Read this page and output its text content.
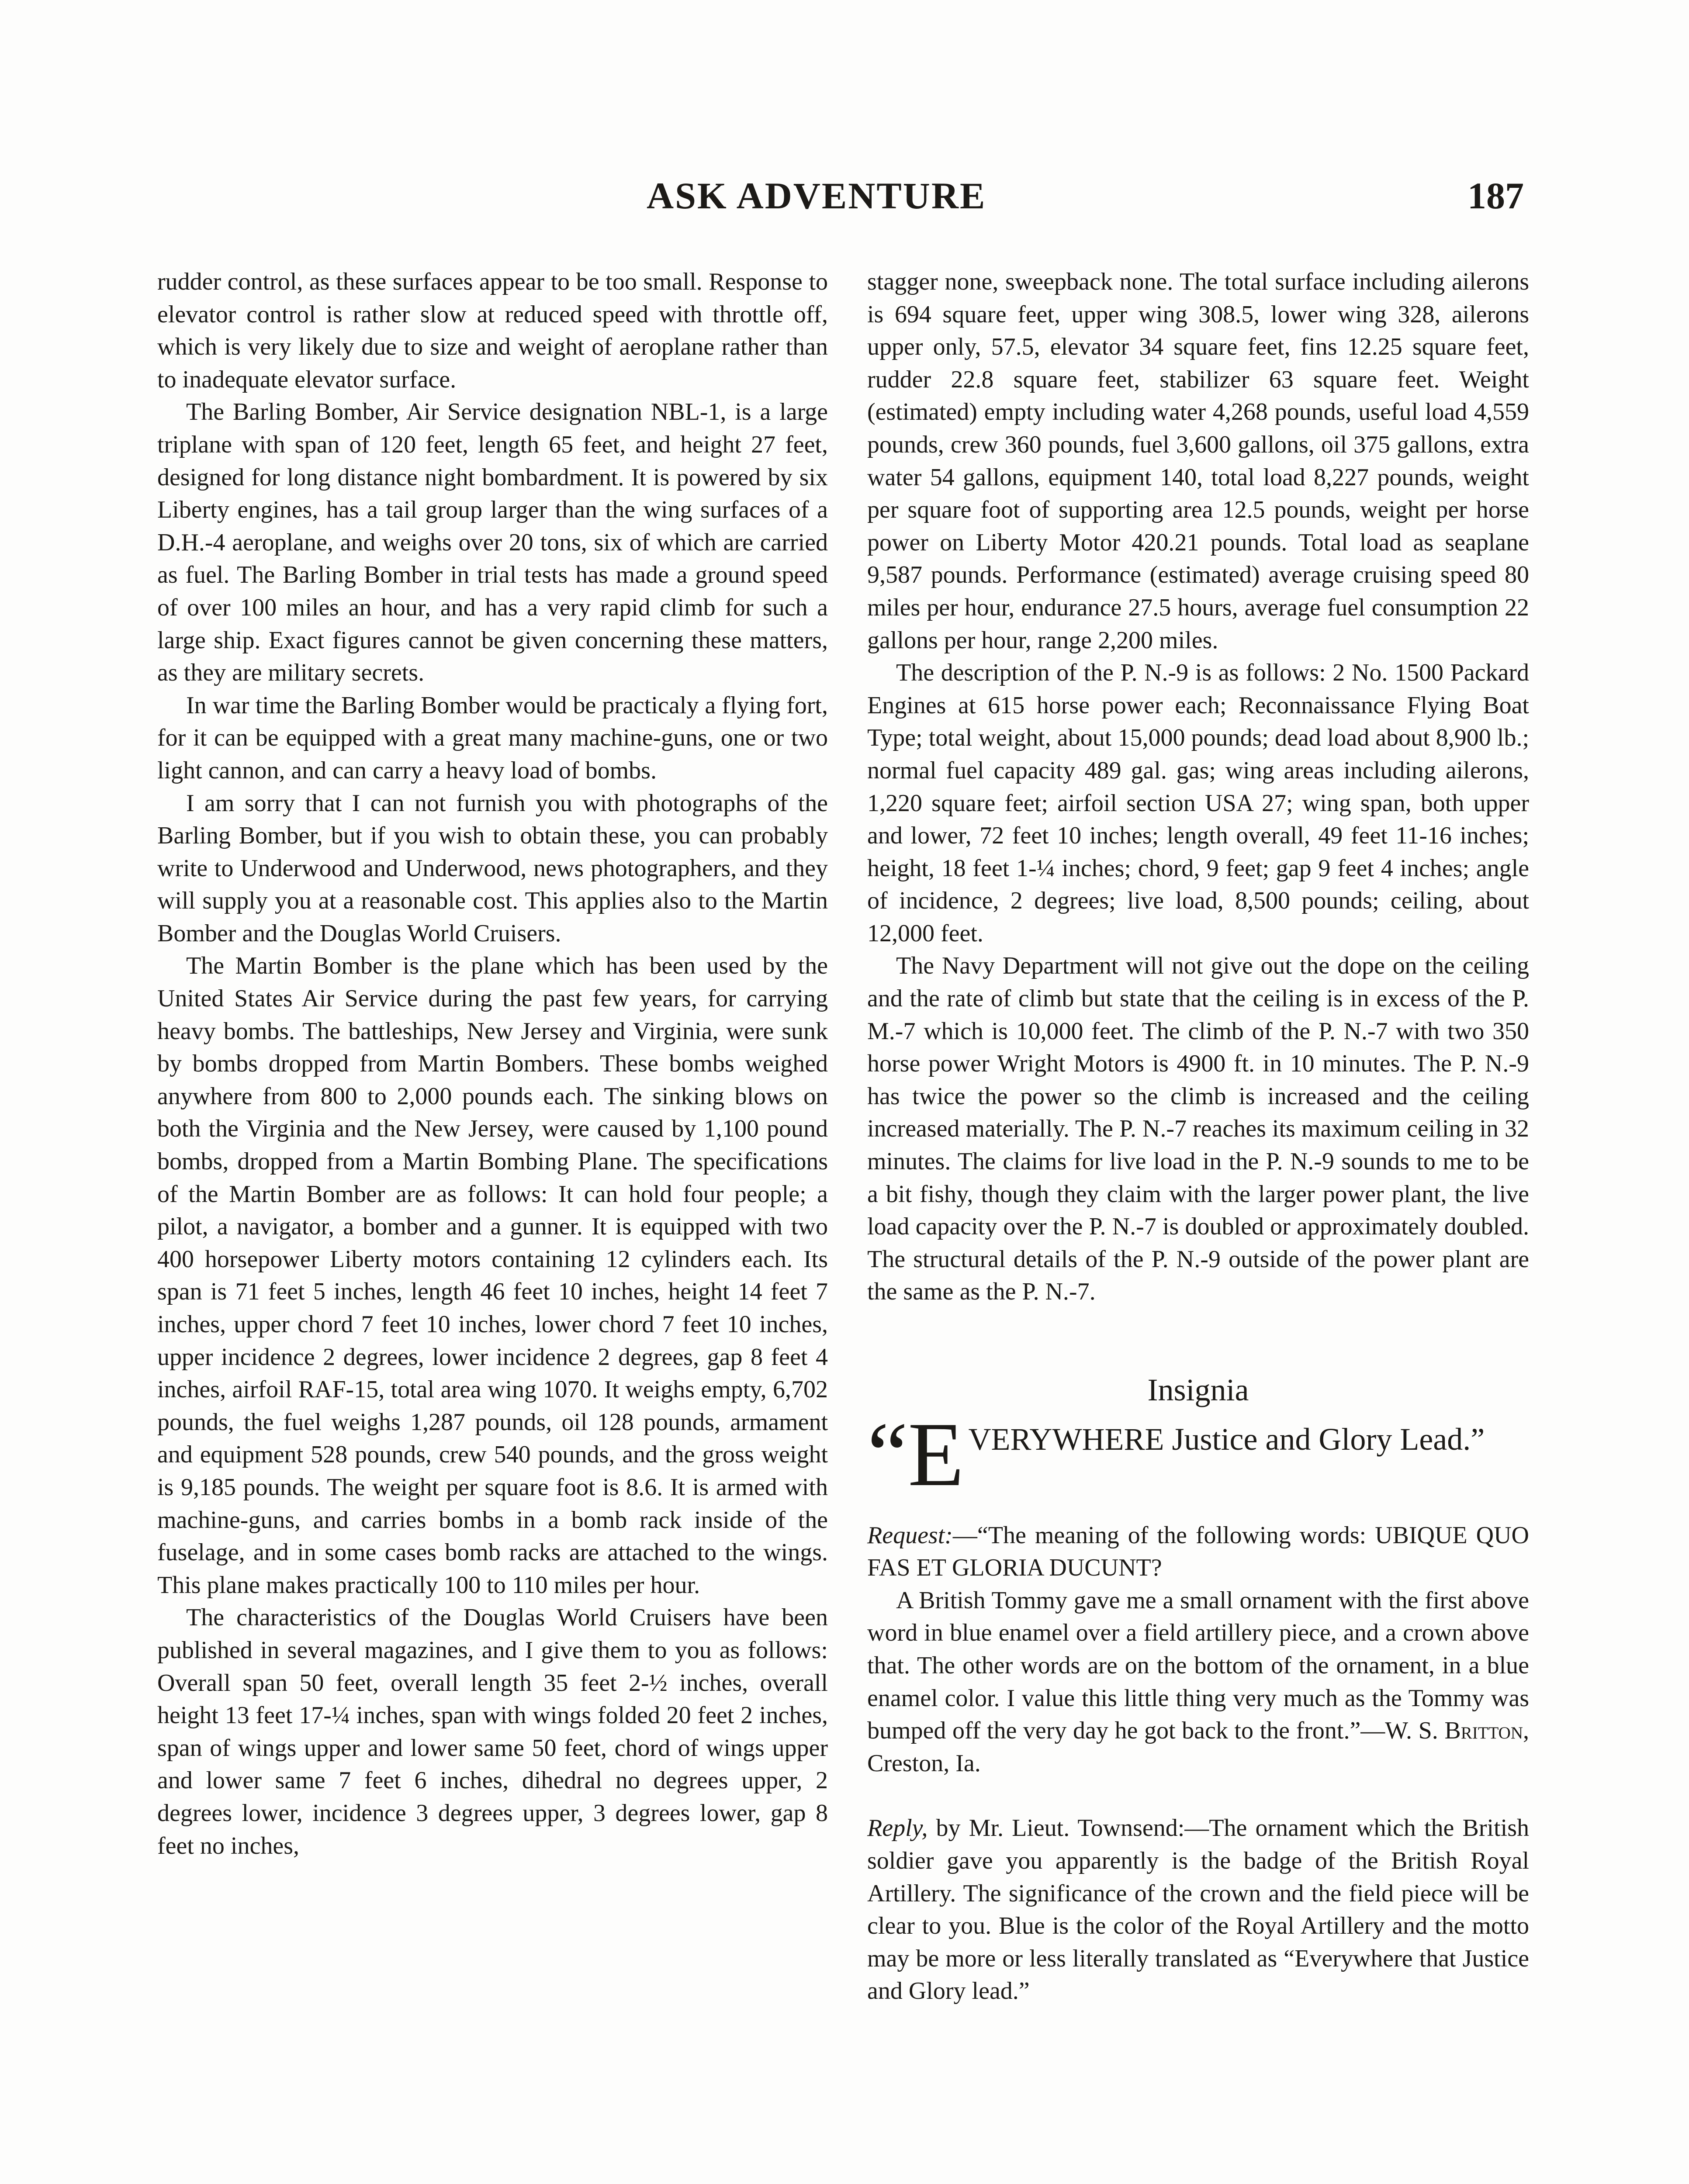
ASK ADVENTURE	187

rudder control, as these surfaces appear to be too small. Response to elevator control is rather slow at reduced speed with throttle off, which is very likely due to size and weight of aeroplane rather than to inadequate elevator surface.

The Barling Bomber, Air Service designation NBL-1, is a large triplane with span of 120 feet, length 65 feet, and height 27 feet, designed for long distance night bombardment. It is powered by six Liberty engines, has a tail group larger than the wing surfaces of a D.H.-4 aeroplane, and weighs over 20 tons, six of which are carried as fuel. The Barling Bomber in trial tests has made a ground speed of over 100 miles an hour, and has a very rapid climb for such a large ship. Exact figures cannot be given concerning these matters, as they are military secrets.

In war time the Barling Bomber would be practicaly a flying fort, for it can be equipped with a great many machine-guns, one or two light cannon, and can carry a heavy load of bombs.

I am sorry that I can not furnish you with photographs of the Barling Bomber, but if you wish to obtain these, you can probably write to Underwood and Underwood, news photographers, and they will supply you at a reasonable cost. This applies also to the Martin Bomber and the Douglas World Cruisers.

The Martin Bomber is the plane which has been used by the United States Air Service during the past few years, for carrying heavy bombs. The battleships, New Jersey and Virginia, were sunk by bombs dropped from Martin Bombers. These bombs weighed anywhere from 800 to 2,000 pounds each. The sinking blows on both the Virginia and the New Jersey, were caused by 1,100 pound bombs, dropped from a Martin Bombing Plane. The specifications of the Martin Bomber are as follows: It can hold four people; a pilot, a navigator, a bomber and a gunner. It is equipped with two 400 horsepower Liberty motors containing 12 cylinders each. Its span is 71 feet 5 inches, length 46 feet 10 inches, height 14 feet 7 inches, upper chord 7 feet 10 inches, lower chord 7 feet 10 inches, upper incidence 2 degrees, lower incidence 2 degrees, gap 8 feet 4 inches, airfoil RAF-15, total area wing 1070. It weighs empty, 6,702 pounds, the fuel weighs 1,287 pounds, oil 128 pounds, armament and equipment 528 pounds, crew 540 pounds, and the gross weight is 9,185 pounds. The weight per square foot is 8.6. It is armed with machine-guns, and carries bombs in a bomb rack inside of the fuselage, and in some cases bomb racks are attached to the wings. This plane makes practically 100 to 110 miles per hour.

The characteristics of the Douglas World Cruisers have been published in several magazines, and I give them to you as follows: Overall span 50 feet, overall length 35 feet 2-½ inches, overall height 13 feet 17-¼ inches, span with wings folded 20 feet 2 inches, span of wings upper and lower same 50 feet, chord of wings upper and lower same 7 feet 6 inches, dihedral no degrees upper, 2 degrees lower, incidence 3 degrees upper, 3 degrees lower, gap 8 feet no inches,

stagger none, sweepback none. The total surface including ailerons is 694 square feet, upper wing 308.5, lower wing 328, ailerons upper only, 57.5, elevator 34 square feet, fins 12.25 square feet, rudder 22.8 square feet, stabilizer 63 square feet. Weight (estimated) empty including water 4,268 pounds, useful load 4,559 pounds, crew 360 pounds, fuel 3,600 gallons, oil 375 gallons, extra water 54 gallons, equipment 140, total load 8,227 pounds, weight per square foot of supporting area 12.5 pounds, weight per horse power on Liberty Motor 420.21 pounds. Total load as seaplane 9,587 pounds. Performance (estimated) average cruising speed 80 miles per hour, endurance 27.5 hours, average fuel consumption 22 gallons per hour, range 2,200 miles.

The description of the P. N.-9 is as follows: 2 No. 1500 Packard Engines at 615 horse power each; Reconnaissance Flying Boat Type; total weight, about 15,000 pounds; dead load about 8,900 lb.; normal fuel capacity 489 gal. gas; wing areas including ailerons, 1,220 square feet; airfoil section USA 27; wing span, both upper and lower, 72 feet 10 inches; length overall, 49 feet 11-16 inches; height, 18 feet 1-¼ inches; chord, 9 feet; gap 9 feet 4 inches; angle of incidence, 2 degrees; live load, 8,500 pounds; ceiling, about 12,000 feet.

The Navy Department will not give out the dope on the ceiling and the rate of climb but state that the ceiling is in excess of the P. M.-7 which is 10,000 feet. The climb of the P. N.-7 with two 350 horse power Wright Motors is 4900 ft. in 10 minutes. The P. N.-9 has twice the power so the climb is increased and the ceiling increased materially. The P. N.-7 reaches its maximum ceiling in 32 minutes. The claims for live load in the P. N.-9 sounds to me to be a bit fishy, though they claim with the larger power plant, the live load capacity over the P. N.-7 is doubled or approximately doubled. The structural details of the P. N.-9 outside of the power plant are the same as the P. N.-7.

Insignia
“E VERYWHERE Justice and Glory Lead.”

Request:—“The meaning of the following words: UBIQUE QUO FAS ET GLORIA DUCUNT?

A British Tommy gave me a small ornament with the first above word in blue enamel over a field artillery piece, and a crown above that. The other words are on the bottom of the ornament, in a blue enamel color. I value this little thing very much as the Tommy was bumped off the very day he got back to the front.”—W. S. Britton, Creston, Ia.

Reply, by Mr. Lieut. Townsend:—The ornament which the British soldier gave you apparently is the badge of the British Royal Artillery. The significance of the crown and the field piece will be clear to you. Blue is the color of the Royal Artillery and the motto may be more or less literally translated as “Everywhere that Justice and Glory lead.”
